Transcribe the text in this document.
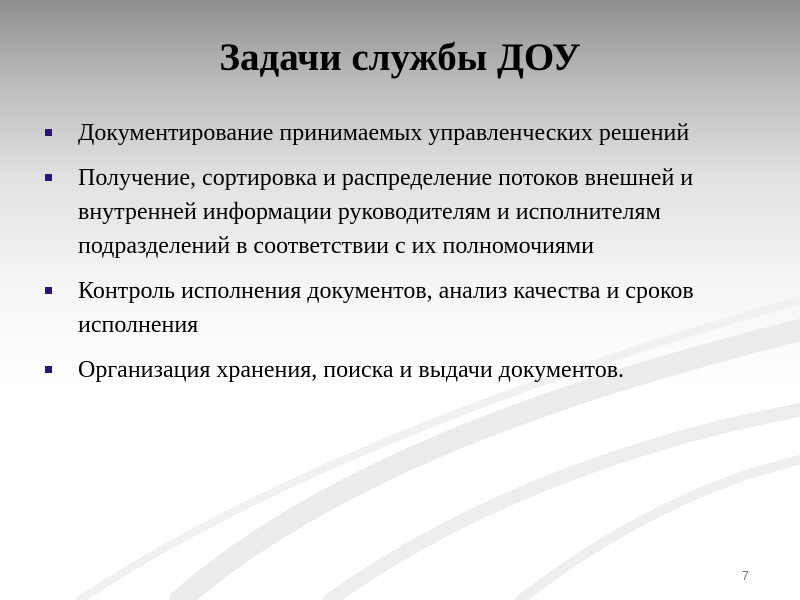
Задачи службы ДОУ
Документирование принимаемых управленческих решений
Получение, сортировка и распределение потоков внешней и внутренней информации руководителям и исполнителям подразделений в соответствии с их полномочиями
Контроль исполнения документов, анализ качества и сроков исполнения
Организация хранения, поиска и выдачи документов.
7
